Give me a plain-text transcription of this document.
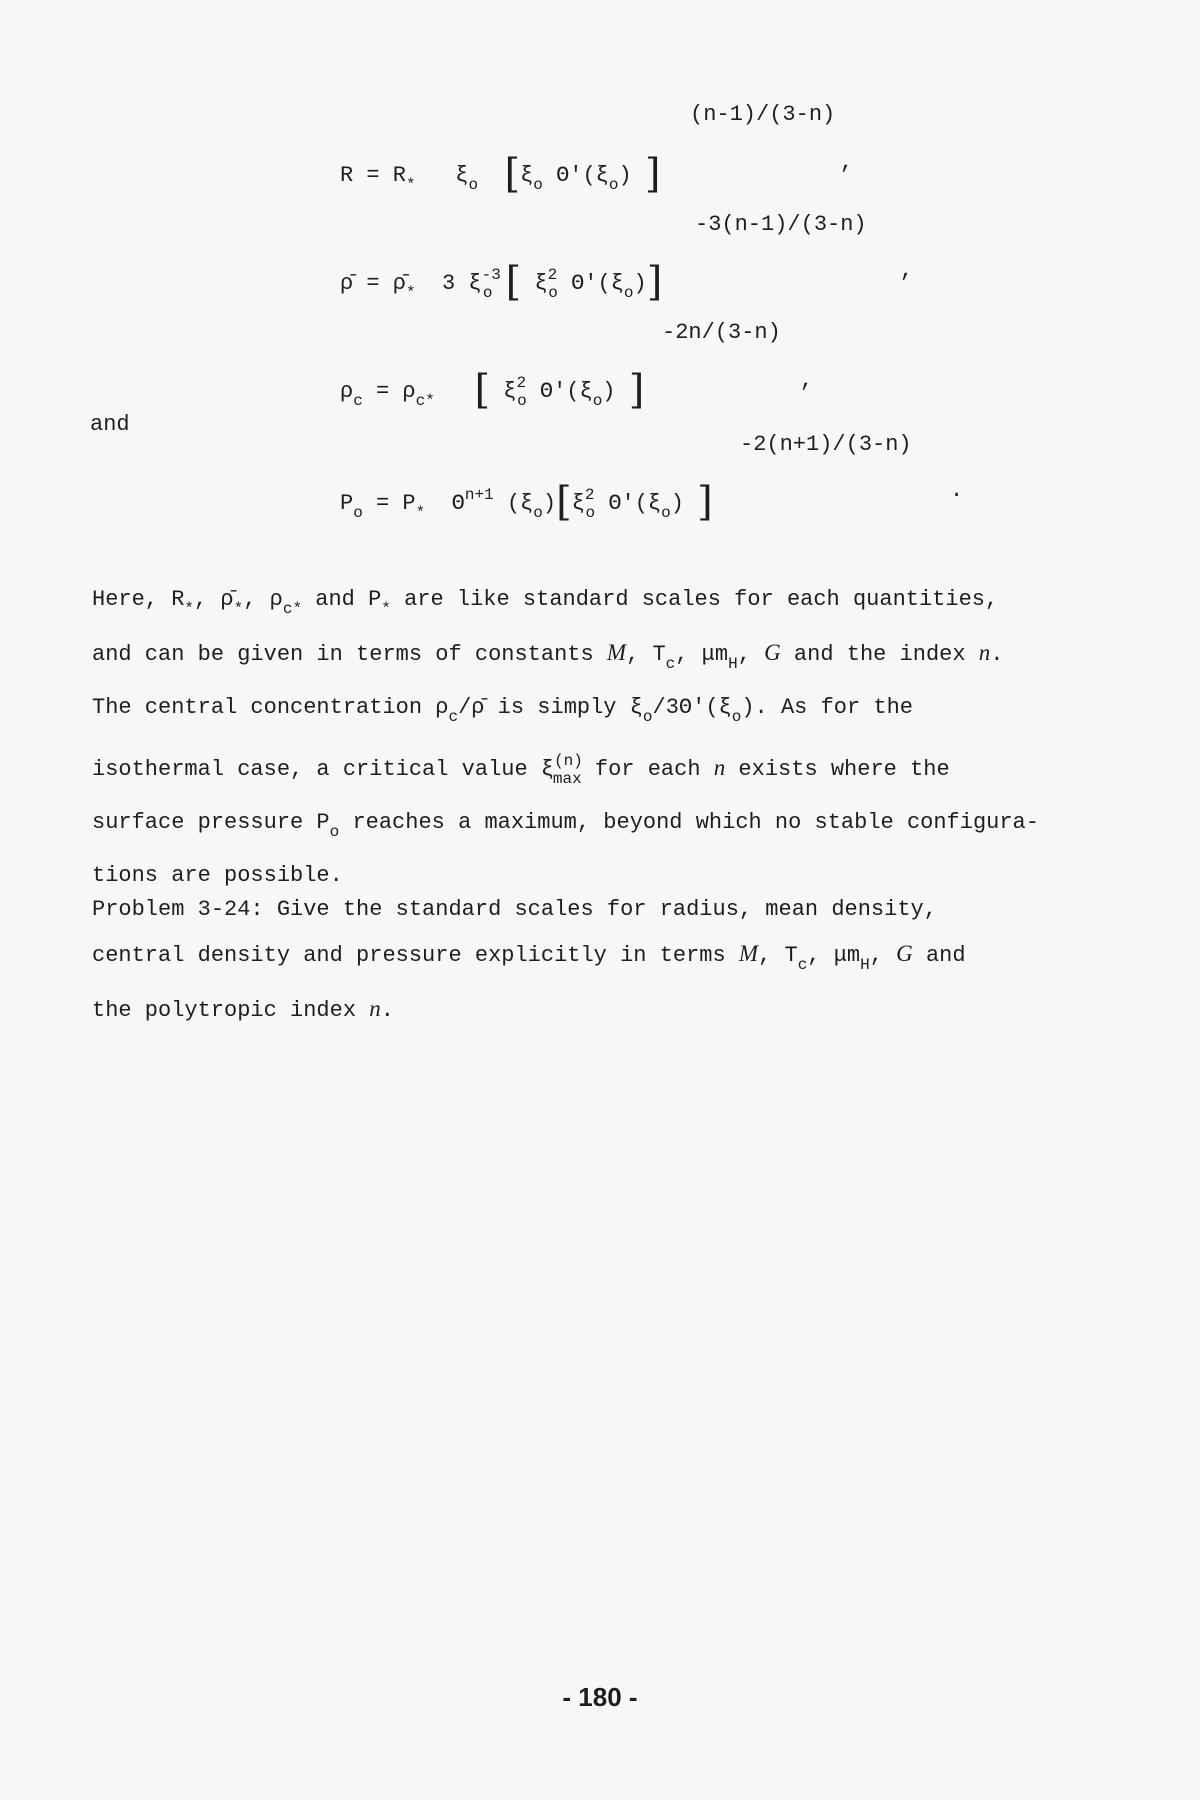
(n-1)/(3-n)
$R = R_*$ $\xi_o$ [$\xi_o$ $\Theta'(\xi_o)$ ]	,
-3(n-1)/(3-n)
ρ̄ = $\rhō_*$ 3 $\xi^{-3}_o$ [ $\xi^2_o$ $\Theta'(\xi_o)$]	,
-2n/(3-n)
$\rho_c = \rho_{c*}$ [ $\xi^2_o$ $\Theta'(\xi_o)$ ]	,
and
-2(n+1)/(3-n)
$P_o = P_*$ $\Theta^{n+1}$ $(\xi_o)[\xi^2_o$ $\Theta'(\xi_o)$ ]	.

Here, $R_*$, $\rhō_*$, $\rho_{c*}$ and $P_*$ are like standard scales for each quantities,

and can be given in terms of constants M, $T_c$, $\mu m_H$, G and the index n.

The central concentration $\rho_c/\rhō$ is simply $\xi_o/3\Theta'(\xi_o)$. As for the

isothermal case, a critical value $\xi^{(n)}_{max}$ for each n exists where the

surface pressure $P_o$ reaches a maximum, beyond which no stable configura-

tions are possible.

Problem 3-24: Give the standard scales for radius, mean density,

central density and pressure explicitly in terms M, $T_c$, $\mu m_H$, G and

the polytropic index n.

- 180 -
